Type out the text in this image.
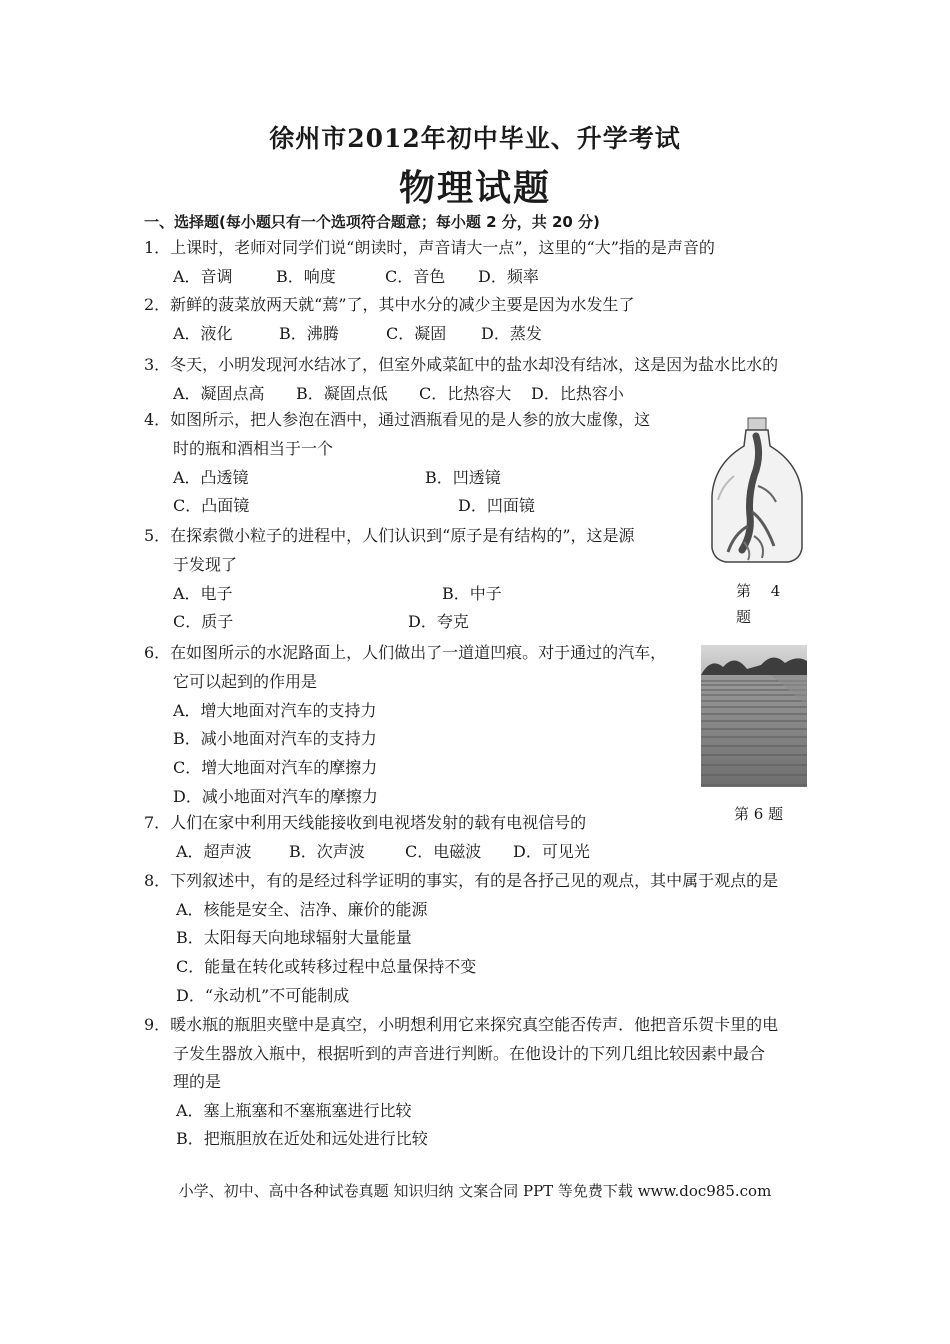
徐州市2012年初中毕业、升学考试
物理试题
一、选择题(每小题只有一个选项符合题意；每小题 2 分，共 20 分)
1．上课时，老师对同学们说“朗读时，声音请大一点”，这里的“大”指的是声音的
A．音调	B．响度	C．音色 D．频率
2．新鲜的菠菜放两天就“蔫”了，其中水分的减少主要是因为水发生了
A．液化	B．沸腾	C．凝固 D．蒸发
3．冬天，小明发现河水结冰了，但室外咸菜缸中的盐水却没有结冰，这是因为盐水比水的
A．凝固点高 B．凝固点低 C．比热容大 D．比热容小
4．如图所示，把人参泡在酒中，通过酒瓶看见的是人参的放大虚像，这
时的瓶和酒相当于一个
A．凸透镜	B．凹透镜
C．凸面镜	D．凹面镜
5．在探索微小粒子的进程中，人们认识到“原子是有结构的”，这是源
于发现了
A．电子	B．中子
C．质子	D．夸克
第　 4
题
6．在如图所示的水泥路面上，人们做出了一道道凹痕。对于通过的汽车，
它可以起到的作用是
A．增大地面对汽车的支持力
B．减小地面对汽车的支持力
C．增大地面对汽车的摩擦力
D．减小地面对汽车的摩擦力
第 6 题
7．人们在家中利用天线能接收到电视塔发射的载有电视信号的
A．超声波 B．次声波	C．电磁波 D．可见光
8．下列叙述中，有的是经过科学证明的事实，有的是各抒己见的观点，其中属于观点的是
A．核能是安全、洁净、廉价的能源
B．太阳每天向地球辐射大量能量
C．能量在转化或转移过程中总量保持不变
D．“永动机”不可能制成
9．暖水瓶的瓶胆夹壁中是真空，小明想利用它来探究真空能否传声．他把音乐贺卡里的电
子发生器放入瓶中，根据听到的声音进行判断。在他设计的下列几组比较因素中最合
理的是
A．塞上瓶塞和不塞瓶塞进行比较
B．把瓶胆放在近处和远处进行比较
小学、初中、高中各种试卷真题 知识归纳 文案合同 PPT 等免费下载 www.doc985.com
